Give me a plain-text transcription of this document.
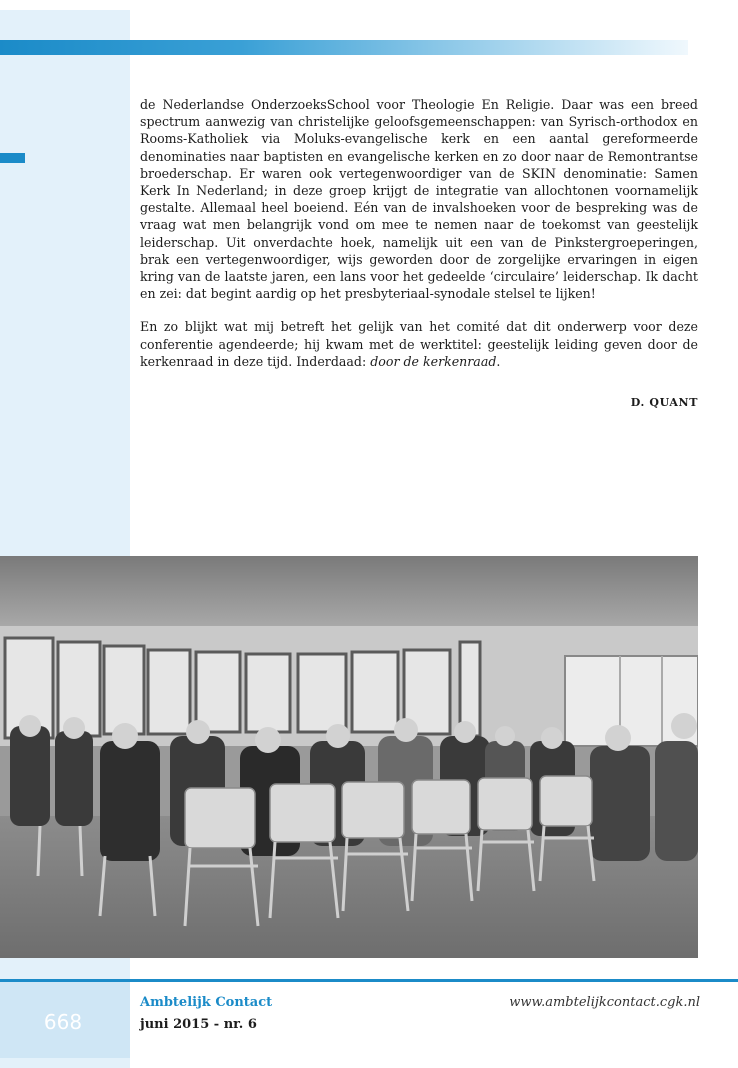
de Nederlandse OnderzoeksSchool voor Theologie En Religie. Daar was een breed spectrum aanwezig van christelijke geloofsgemeenschappen: van Syrisch-orthodox en Rooms-Katholiek via Moluks-evangelische kerk en een aantal gereformeerde denominaties naar baptisten en evangelische kerken en zo door naar de Remontrantse broederschap. Er waren ook vertegenwoordiger van de SKIN denominatie: Samen Kerk In Nederland; in deze groep krijgt de integratie van allochtonen voornamelijk gestalte. Allemaal heel boeiend. Eén van de invalshoeken voor de bespreking was de vraag wat men belangrijk vond om mee te nemen naar de toekomst van geestelijk leiderschap. Uit onverdachte hoek, namelijk uit een van de Pinkstergroeperingen, brak een vertegenwoordiger, wijs geworden door de zorgelijke ervaringen in eigen kring van de laatste jaren, een lans voor het gedeelde ‘circulaire’ leiderschap. Ik dacht en zei: dat begint aardig op het presbyteriaal-synodale stelsel te lijken!

En zo blijkt wat mij betreft het gelijk van het comité dat dit onderwerp voor deze conferentie agendeerde; hij kwam met de werktitel: geestelijk leiding geven door de kerkenraad in deze tijd. Inderdaad: door de kerkenraad.

D. QUANT
668
Ambtelijk Contact
juni 2015 - nr. 6
www.ambtelijkcontact.cgk.nl
